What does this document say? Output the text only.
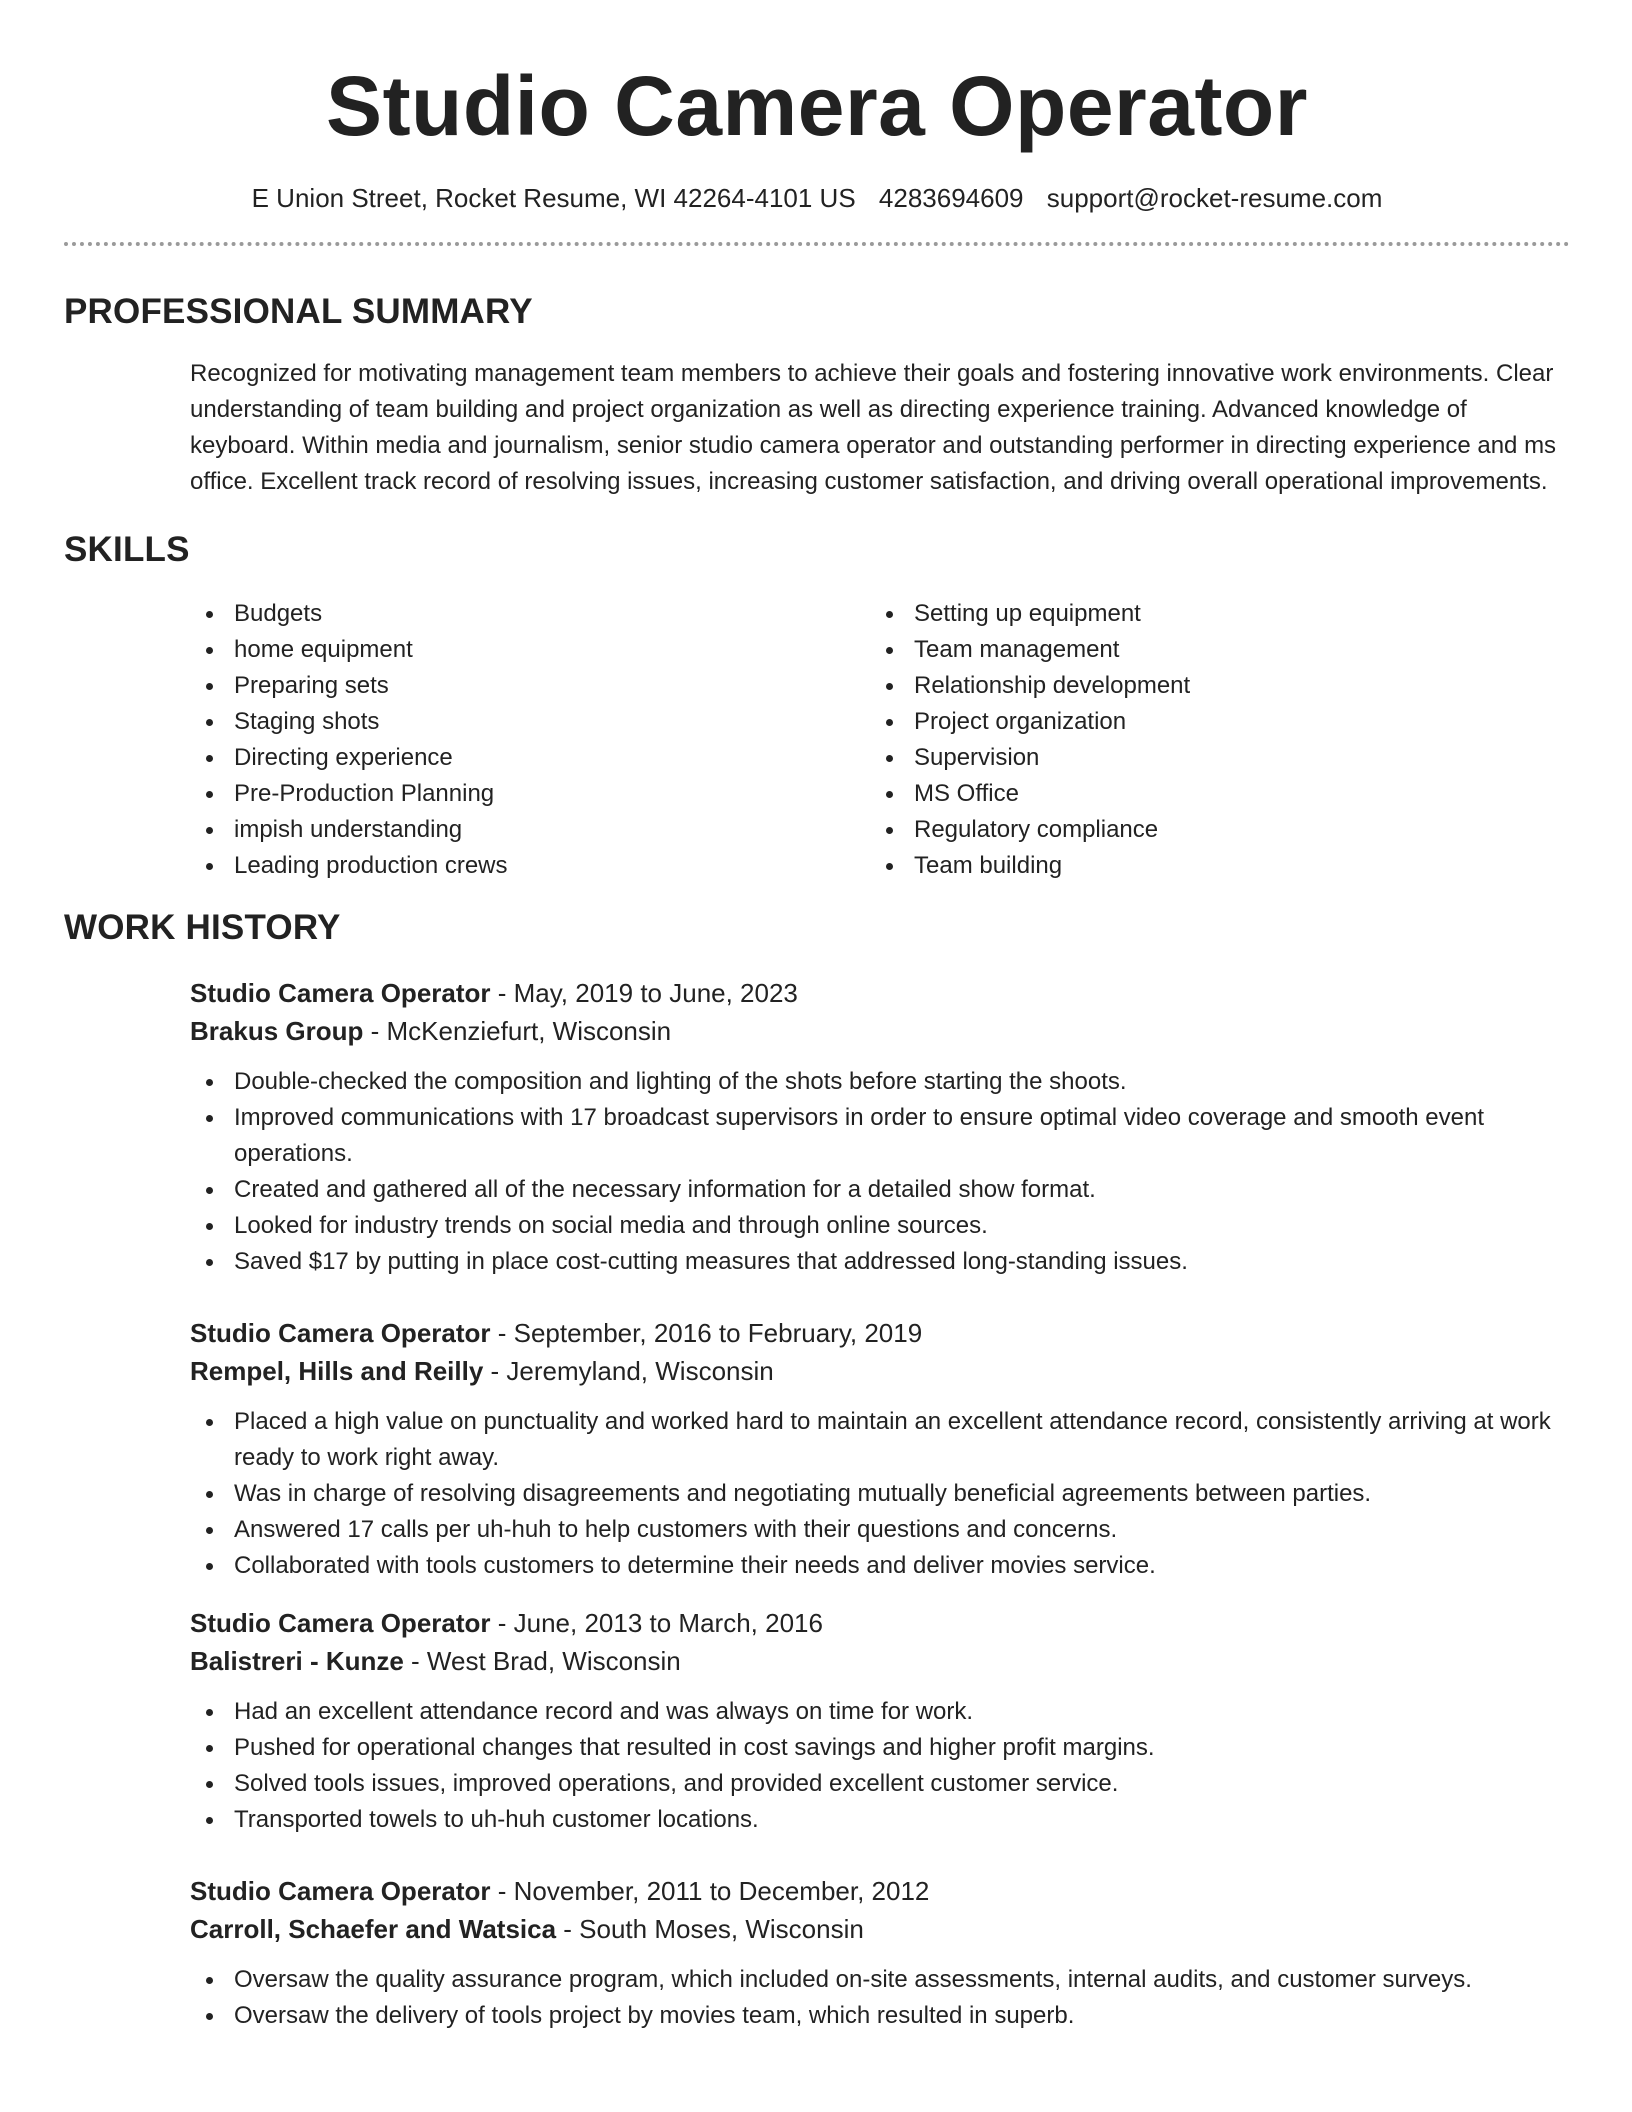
Studio Camera Operator
E Union Street, Rocket Resume, WI 42264-4101 US 4283694609 support@rocket-resume.com
PROFESSIONAL SUMMARY

Recognized for motivating management team members to achieve their goals and fostering innovative work environments. Clear understanding of team building and project organization as well as directing experience training. Advanced knowledge of keyboard. Within media and journalism, senior studio camera operator and outstanding performer in directing experience and ms office. Excellent track record of resolving issues, increasing customer satisfaction, and driving overall operational improvements.

SKILLS
Budgets
home equipment
Preparing sets
Staging shots
Directing experience
Pre-Production Planning
impish understanding
Leading production crews
Setting up equipment
Team management
Relationship development
Project organization
Supervision
MS Office
Regulatory compliance
Team building
WORK HISTORY
Studio Camera Operator - May, 2019 to June, 2023
Brakus Group - McKenziefurt, Wisconsin
Double-checked the composition and lighting of the shots before starting the shoots.
Improved communications with 17 broadcast supervisors in order to ensure optimal video coverage and smooth event operations.
Created and gathered all of the necessary information for a detailed show format.
Looked for industry trends on social media and through online sources.
Saved $17 by putting in place cost-cutting measures that addressed long-standing issues.
Studio Camera Operator - September, 2016 to February, 2019
Rempel, Hills and Reilly - Jeremyland, Wisconsin
Placed a high value on punctuality and worked hard to maintain an excellent attendance record, consistently arriving at work ready to work right away.
Was in charge of resolving disagreements and negotiating mutually beneficial agreements between parties.
Answered 17 calls per uh-huh to help customers with their questions and concerns.
Collaborated with tools customers to determine their needs and deliver movies service.
Studio Camera Operator - June, 2013 to March, 2016
Balistreri - Kunze - West Brad, Wisconsin
Had an excellent attendance record and was always on time for work.
Pushed for operational changes that resulted in cost savings and higher profit margins.
Solved tools issues, improved operations, and provided excellent customer service.
Transported towels to uh-huh customer locations.
Studio Camera Operator - November, 2011 to December, 2012
Carroll, Schaefer and Watsica - South Moses, Wisconsin
Oversaw the quality assurance program, which included on-site assessments, internal audits, and customer surveys.
Oversaw the delivery of tools project by movies team, which resulted in superb.
